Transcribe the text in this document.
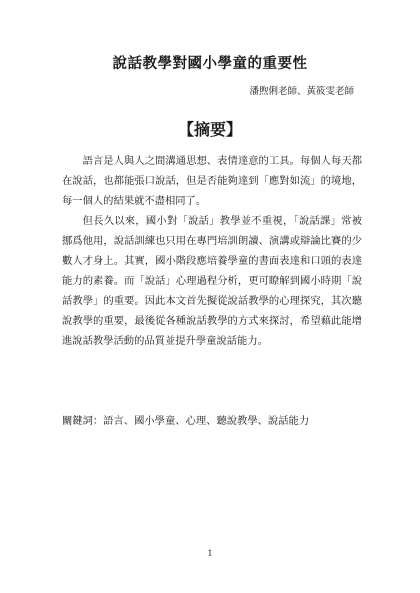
說話教學對國小學童的重要性
潘煦俐老師、黃筱雯老師
【摘要】

語言是人與人之間溝通思想、表情達意的工具。每個人每天都在說話，也都能張口說話，但是否能夠達到「應對如流」的境地，每一個人的結果就不盡相同了。

但長久以來，國小對「說話」教學並不重視，「說話課」常被挪爲他用，說話訓練也只用在專門培訓朗讀、演講或辯論比賽的少數人才身上。其實，國小階段應培養學童的書面表達和口頭的表達能力的素養。而「說話」心理過程分析，更可瞭解到國小時期「說話教學」的重要。因此本文首先擬從說話教學的心理探究，其次聽說教學的重要，最後從各種說話教學的方式來探討，希望藉此能增進說話教學活動的品質並提升學童說話能力。

關鍵詞：語言、國小學童、心理、聽說教學、說話能力
1
